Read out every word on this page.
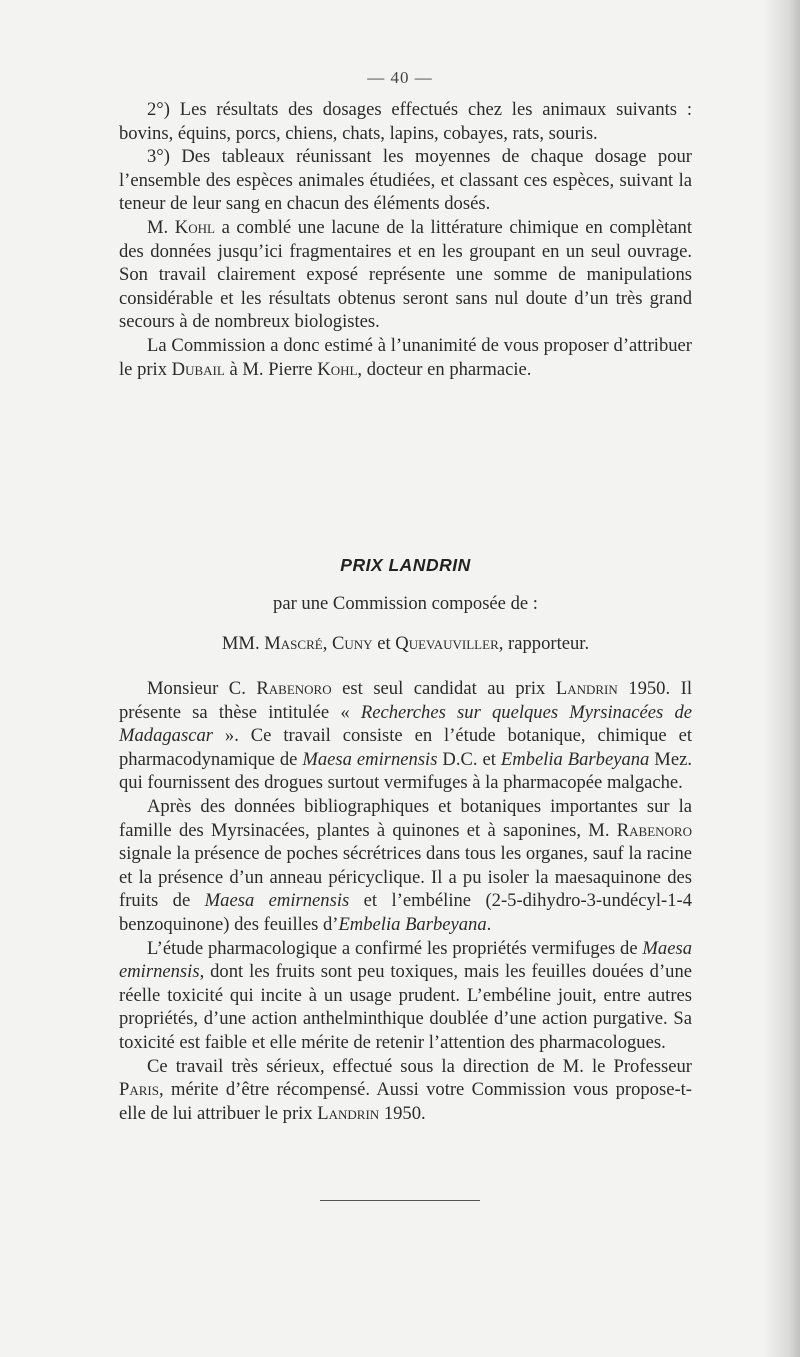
— 40 —

2°) Les résultats des dosages effectués chez les animaux suivants : bovins, équins, porcs, chiens, chats, lapins, cobayes, rats, souris.

3°) Des tableaux réunissant les moyennes de chaque dosage pour l’ensemble des espèces animales étudiées, et classant ces espèces, suivant la teneur de leur sang en chacun des éléments dosés.

M. Kohl a comblé une lacune de la littérature chimique en complètant des données jusqu’ici fragmentaires et en les groupant en un seul ouvrage. Son travail clairement exposé représente une somme de manipulations considérable et les résultats obtenus seront sans nul doute d’un très grand secours à de nombreux biologistes.

La Commission a donc estimé à l’unanimité de vous proposer d’attribuer le prix Dubail à M. Pierre Kohl, docteur en pharmacie.

PRIX LANDRIN

par une Commission composée de :

MM. Mascré, Cuny et Quevauviller, rapporteur.

Monsieur C. Rabenoro est seul candidat au prix Landrin 1950. Il présente sa thèse intitulée « Recherches sur quelques Myrsinacées de Madagascar ». Ce travail consiste en l’étude botanique, chimique et pharmacodynamique de Maesa emirnensis D.C. et Embelia Barbeyana Mez. qui fournissent des drogues surtout vermifuges à la pharmacopée malgache.

Après des données bibliographiques et botaniques importantes sur la famille des Myrsinacées, plantes à quinones et à saponines, M. Rabenoro signale la présence de poches sécrétrices dans tous les organes, sauf la racine et la présence d’un anneau péricyclique. Il a pu isoler la maesaquinone des fruits de Maesa emirnensis et l’embéline (2-5-dihydro-3-undécyl-1-4 benzoquinone) des feuilles d’Embelia Barbeyana.

L’étude pharmacologique a confirmé les propriétés vermifuges de Maesa emirnensis, dont les fruits sont peu toxiques, mais les feuilles douées d’une réelle toxicité qui incite à un usage prudent. L’embéline jouit, entre autres propriétés, d’une action anthelminthique doublée d’une action purgative. Sa toxicité est faible et elle mérite de retenir l’attention des pharmacologues.

Ce travail très sérieux, effectué sous la direction de M. le Professeur Paris, mérite d’être récompensé. Aussi votre Commission vous propose-t-elle de lui attribuer le prix Landrin 1950.
